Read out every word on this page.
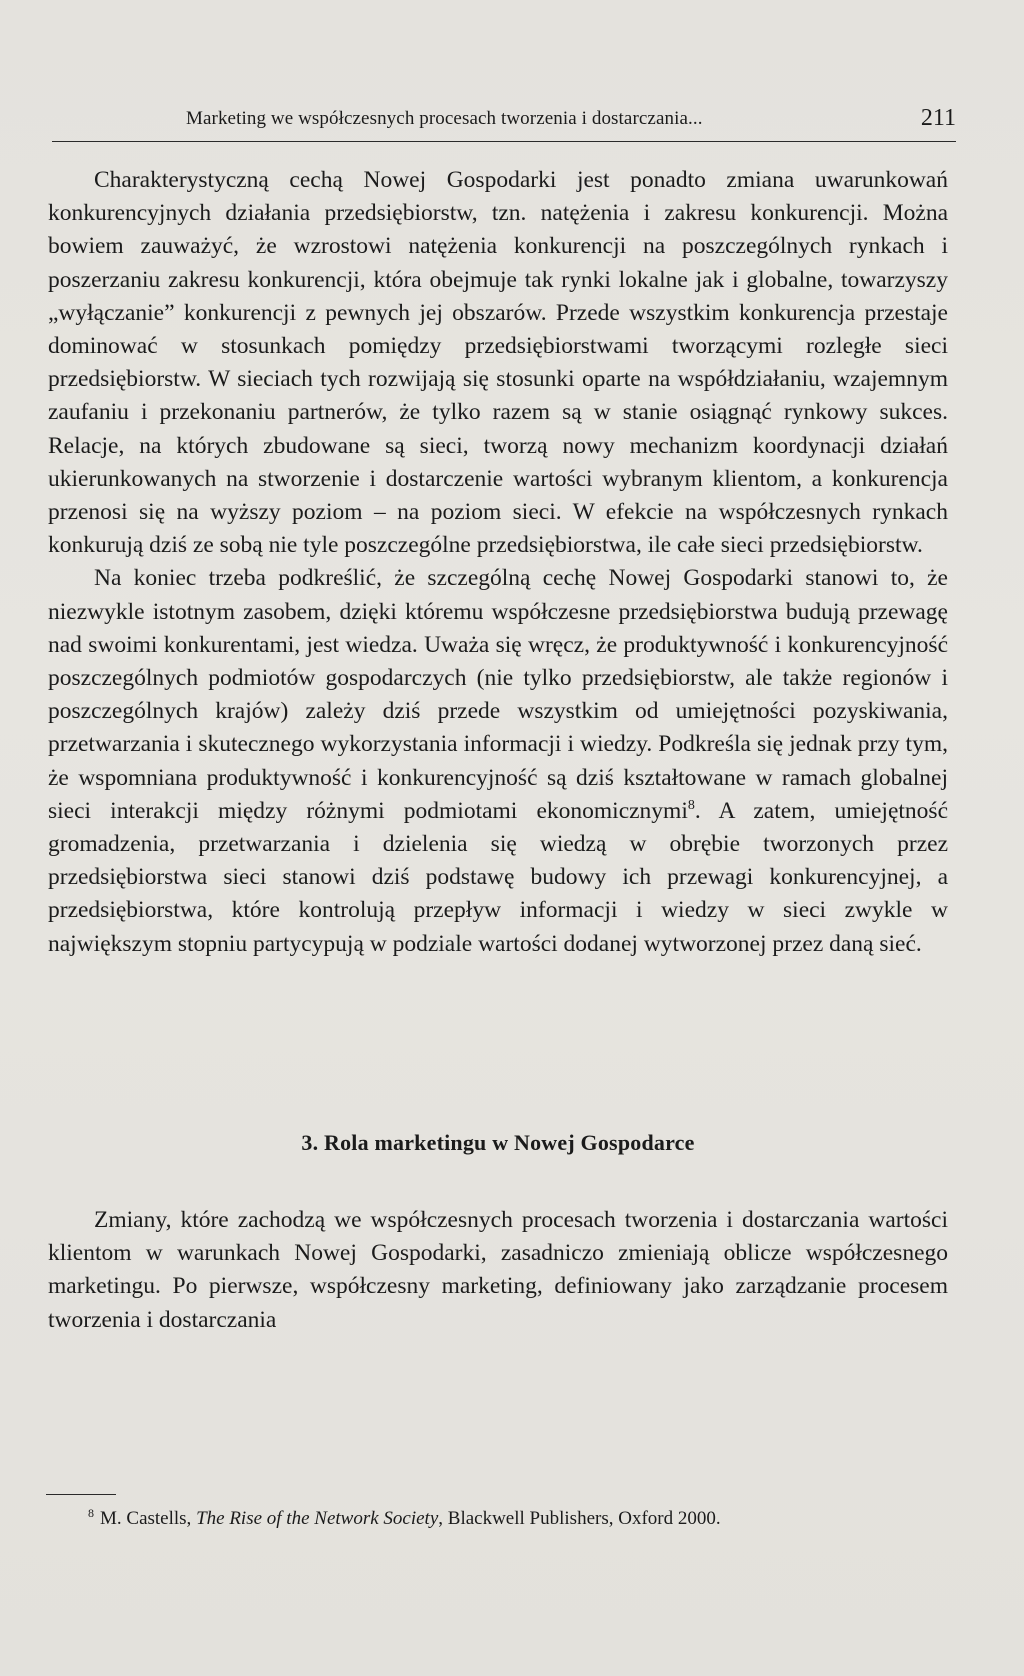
Marketing we współczesnych procesach tworzenia i dostarczania...	211

Charakterystyczną cechą Nowej Gospodarki jest ponadto zmiana uwarunkowań konkurencyjnych działania przedsiębiorstw, tzn. natężenia i zakresu konkurencji. Można bowiem zauważyć, że wzrostowi natężenia konkurencji na poszczególnych rynkach i poszerzaniu zakresu konkurencji, która obejmuje tak rynki lokalne jak i globalne, towarzyszy „wyłączanie” konkurencji z pewnych jej obszarów. Przede wszystkim konkurencja przestaje dominować w stosunkach pomiędzy przedsiębiorstwami tworzącymi rozległe sieci przedsiębiorstw. W sieciach tych rozwijają się stosunki oparte na współdziałaniu, wzajemnym zaufaniu i przekonaniu partnerów, że tylko razem są w stanie osiągnąć rynkowy sukces. Relacje, na których zbudowane są sieci, tworzą nowy mechanizm koordynacji działań ukierunkowanych na stworzenie i dostarczenie wartości wybranym klientom, a konkurencja przenosi się na wyższy poziom – na poziom sieci. W efekcie na współczesnych rynkach konkurują dziś ze sobą nie tyle poszczególne przedsiębiorstwa, ile całe sieci przedsiębiorstw.

Na koniec trzeba podkreślić, że szczególną cechę Nowej Gospodarki stanowi to, że niezwykle istotnym zasobem, dzięki któremu współczesne przedsiębiorstwa budują przewagę nad swoimi konkurentami, jest wiedza. Uważa się wręcz, że produktywność i konkurencyjność poszczególnych podmiotów gospodarczych (nie tylko przedsiębiorstw, ale także regionów i poszczególnych krajów) zależy dziś przede wszystkim od umiejętności pozyskiwania, przetwarzania i skutecznego wykorzystania informacji i wiedzy. Podkreśla się jednak przy tym, że wspomniana produktywność i konkurencyjność są dziś kształtowane w ramach globalnej sieci interakcji między różnymi podmiotami ekonomicznymi$^8$. A zatem, umiejętność gromadzenia, przetwarzania i dzielenia się wiedzą w obrębie tworzonych przez przedsiębiorstwa sieci stanowi dziś podstawę budowy ich przewagi konkurencyjnej, a przedsiębiorstwa, które kontrolują przepływ informacji i wiedzy w sieci zwykle w największym stopniu partycypują w podziale wartości dodanej wytworzonej przez daną sieć.

3. Rola marketingu w Nowej Gospodarce

Zmiany, które zachodzą we współczesnych procesach tworzenia i dostarczania wartości klientom w warunkach Nowej Gospodarki, zasadniczo zmieniają oblicze współczesnego marketingu. Po pierwsze, współczesny marketing, definiowany jako zarządzanie procesem tworzenia i dostarczania

$^8$ M. Castells, The Rise of the Network Society, Blackwell Publishers, Oxford 2000.
